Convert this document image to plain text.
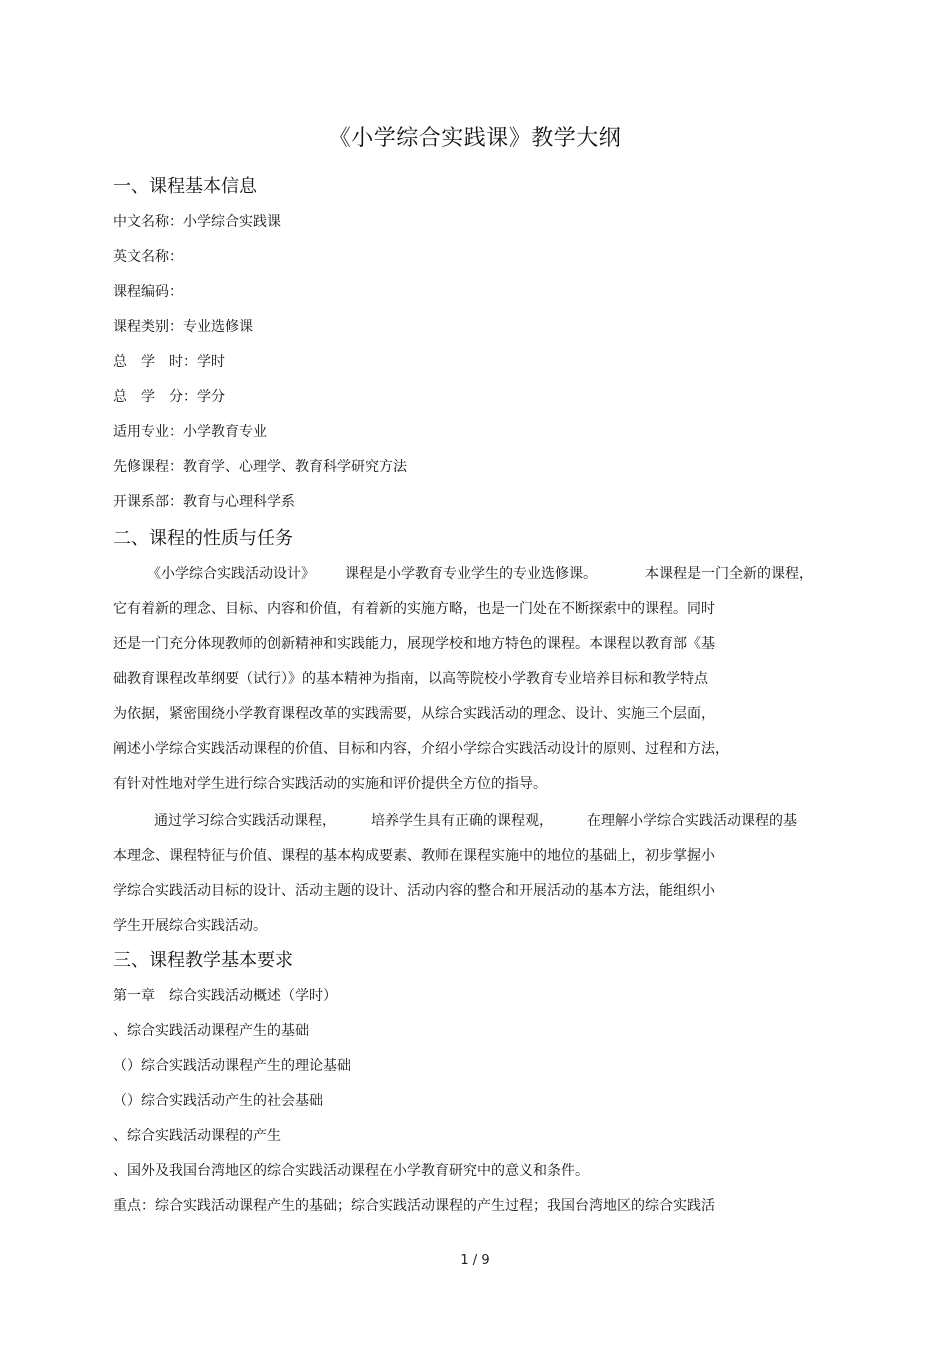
《小学综合实践课》教学大纲
一、课程基本信息
中文名称：小学综合实践课
英文名称：
课程编码：
课程类别：专业选修课
总　学　时：学时
总　学　分：学分
适用专业：小学教育专业
先修课程：教育学、心理学、教育科学研究方法
开课系部：教育与心理科学系
二、课程的性质与任务
《小学综合实践活动设计》 课程是小学教育专业学生的专业选修课。	本课程是一门全新的课程，
它有着新的理念、目标、内容和价值，有着新的实施方略，也是一门处在不断探索中的课程。同时
还是一门充分体现教师的创新精神和实践能力，展现学校和地方特色的课程。本课程以教育部《基
础教育课程改革纲要（试行）》的基本精神为指南，以高等院校小学教育专业培养目标和教学特点
为依据，紧密围绕小学教育课程改革的实践需要，从综合实践活动的理念、设计、实施三个层面，
阐述小学综合实践活动课程的价值、目标和内容，介绍小学综合实践活动设计的原则、过程和方法，
有针对性地对学生进行综合实践活动的实施和评价提供全方位的指导。
通过学习综合实践活动课程，	培养学生具有正确的课程观， 在理解小学综合实践活动课程的基
本理念、课程特征与价值、课程的基本构成要素、教师在课程实施中的地位的基础上，初步掌握小
学综合实践活动目标的设计、活动主题的设计、活动内容的整合和开展活动的基本方法，能组织小
学生开展综合实践活动。
三、课程教学基本要求
第一章　综合实践活动概述（学时）
、综合实践活动课程产生的基础
（）综合实践活动课程产生的理论基础
（）综合实践活动产生的社会基础
、综合实践活动课程的产生
、国外及我国台湾地区的综合实践活动课程在小学教育研究中的意义和条件。
重点：综合实践活动课程产生的基础；综合实践活动课程的产生过程；我国台湾地区的综合实践活
1 / 9
